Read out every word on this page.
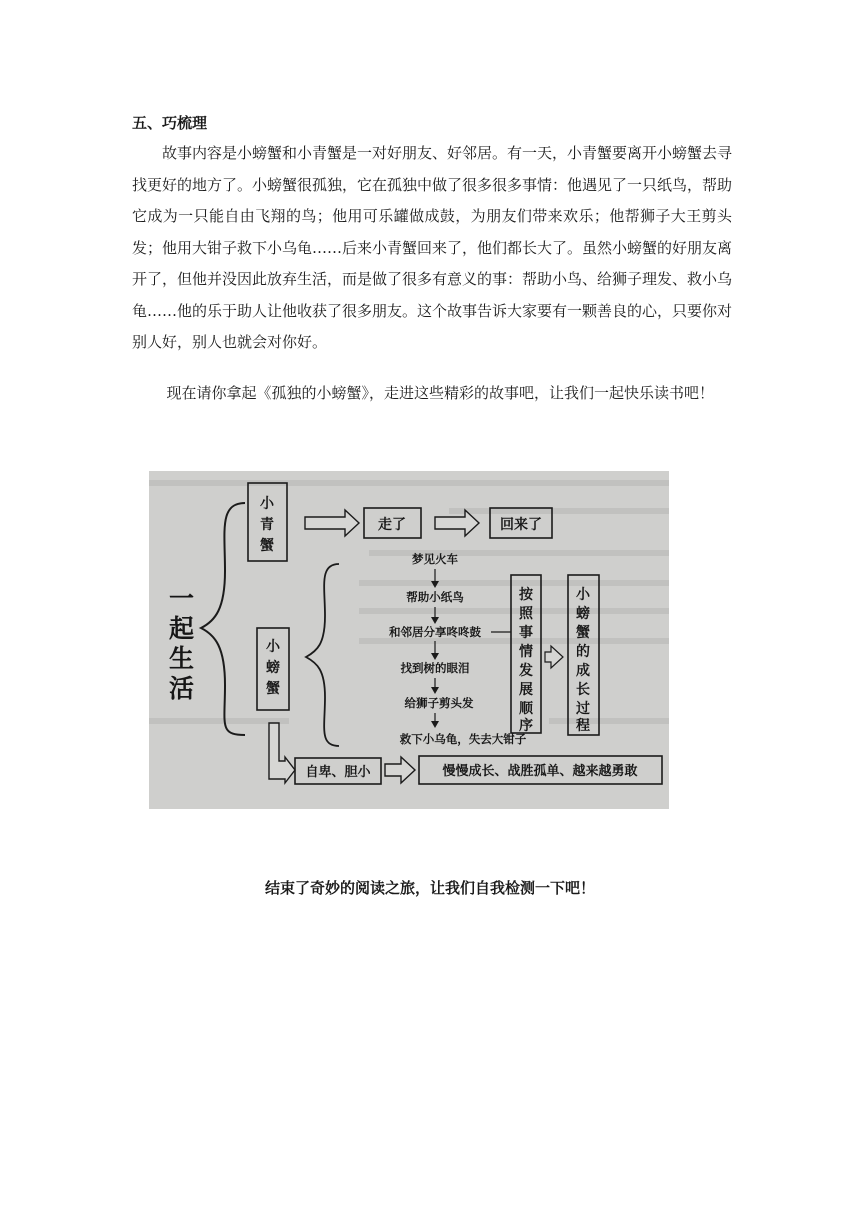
五、巧梳理

故事内容是小螃蟹和小青蟹是一对好朋友、好邻居。有一天，小青蟹要离开小螃蟹去寻找更好的地方了。小螃蟹很孤独，它在孤独中做了很多很多事情：他遇见了一只纸鸟，帮助它成为一只能自由飞翔的鸟；他用可乐罐做成鼓，为朋友们带来欢乐；他帮狮子大王剪头发；他用大钳子救下小乌龟……后来小青蟹回来了，他们都长大了。虽然小螃蟹的好朋友离开了，但他并没因此放弃生活，而是做了很多有意义的事：帮助小鸟、给狮子理发、救小乌龟……他的乐于助人让他收获了很多朋友。这个故事告诉大家要有一颗善良的心，只要你对别人好，别人也就会对你好。

现在请你拿起《孤独的小螃蟹》，走进这些精彩的故事吧，让我们一起快乐读书吧！

一
起
生
活
小
青
蟹
走了	回来了
小
螃
蟹
梦见火车
帮助小纸鸟
和邻居分享咚咚鼓
找到树的眼泪
给狮子剪头发
救下小乌龟，失去大钳子
按
照
事
情
发
展
顺
序
小
螃
蟹
的
成
长
过
程
自卑、胆小	慢慢成长、战胜孤单、越来越勇敢

结束了奇妙的阅读之旅，让我们自我检测一下吧！
